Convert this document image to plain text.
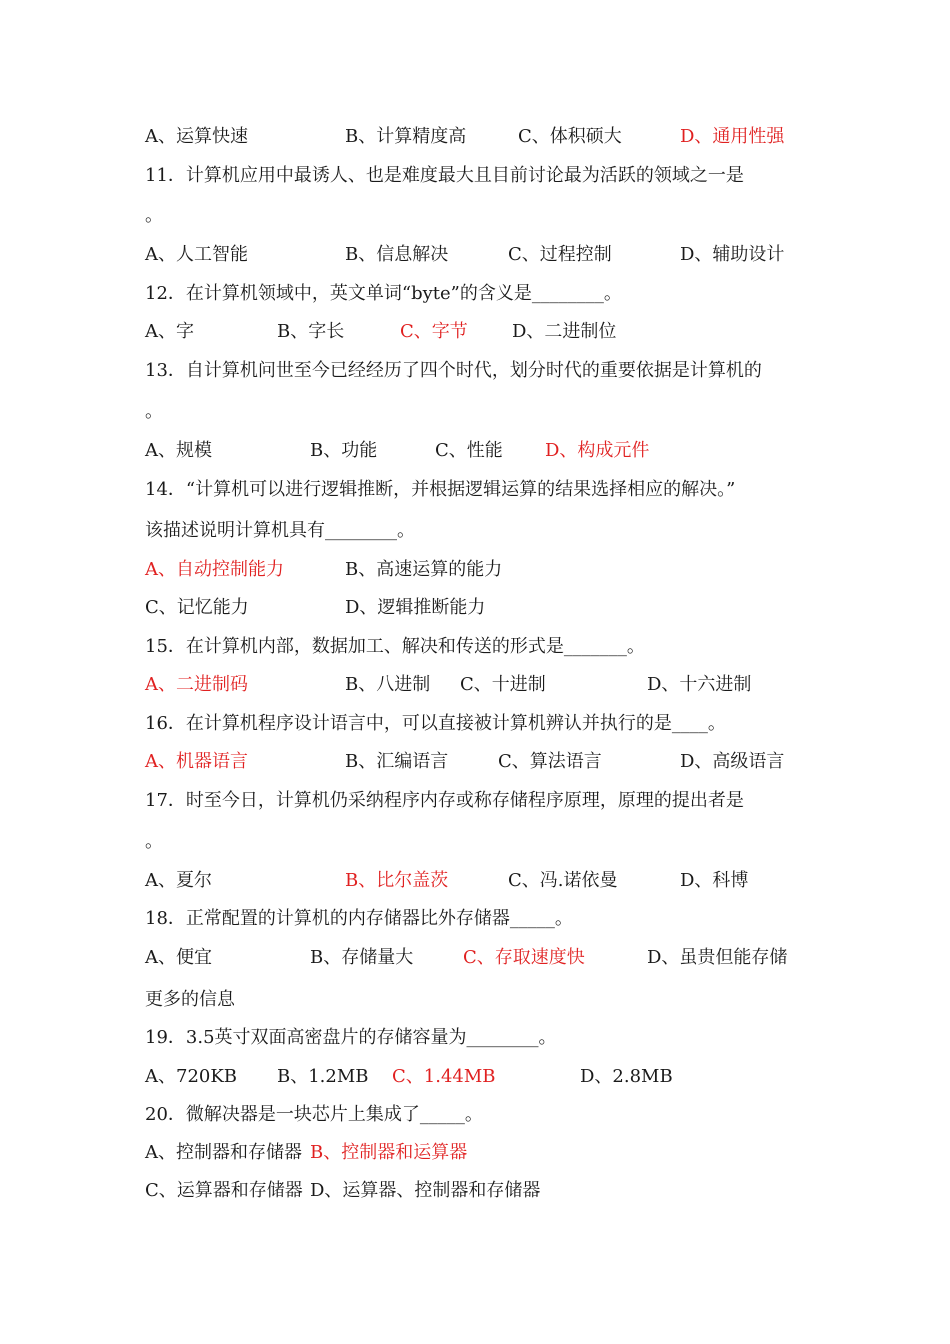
A、运算快速	B、计算精度高	C、体积硕大	D、通用性强
11．计算机应用中最诱人、也是难度最大且目前讨论最为活跃的领域之一是
。
A、人工智能	B、信息解决	C、过程控制	D、辅助设计
12．在计算机领域中，英文单词“byte”的含义是________。
A、字	B、字长	C、字节 D、二进制位
13．自计算机问世至今已经经历了四个时代，划分时代的重要依据是计算机的
。
A、规模	B、功能	C、性能 D、构成元件
14．“计算机可以进行逻辑推断，并根据逻辑运算的结果选择相应的解决。”
该描述说明计算机具有________。
A、自动控制能力	B、高速运算的能力
C、记忆能力	D、逻辑推断能力
15．在计算机内部，数据加工、解决和传送的形式是_______。
A、二进制码	B、八进制 C、十进制	D、十六进制
16．在计算机程序设计语言中，可以直接被计算机辨认并执行的是____。
A、机器语言	B、汇编语言	C、算法语言	D、高级语言
17．时至今日，计算机仍采纳程序内存或称存储程序原理，原理的提出者是
。
A、夏尔	B、比尔盖茨	C、冯.诺依曼	D、科博
18．正常配置的计算机的内存储器比外存储器_____。
A、便宜	B、存储量大	C、存取速度快	D、虽贵但能存储
更多的信息
19．3.5英寸双面高密盘片的存储容量为________。
A、720KB B、1.2MB C、1.44MB	D、2.8MB
20．微解决器是一块芯片上集成了_____。
A、控制器和存储器 B、控制器和运算器
C、运算器和存储器 D、运算器、控制器和存储器
